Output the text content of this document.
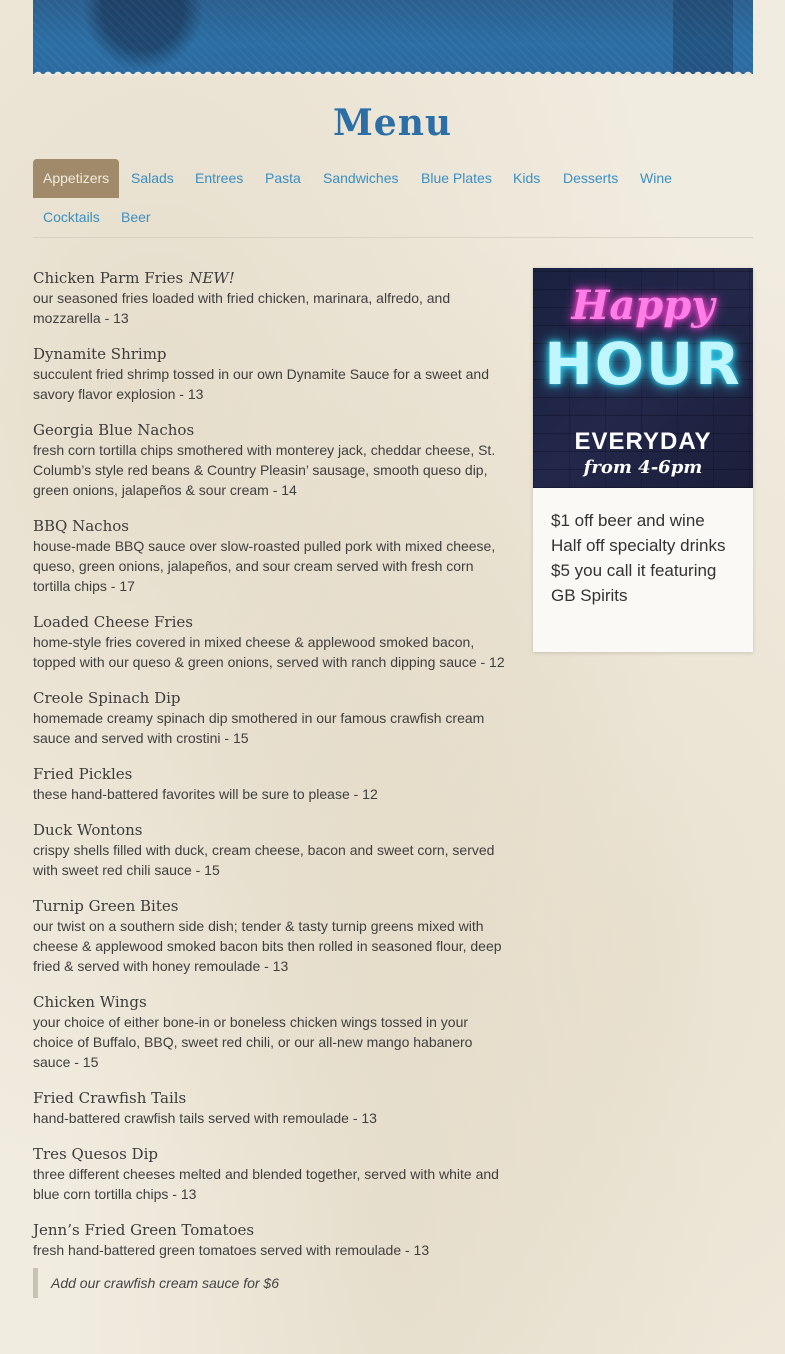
Menu
Appetizers	Salads	Entrees	Pasta	Sandwiches	Blue Plates	Kids	Desserts	Wine
Cocktails	Beer
Chicken Parm Fries NEW!
our seasoned fries loaded with fried chicken, marinara, alfredo, and mozzarella - 13
Dynamite Shrimp
succulent fried shrimp tossed in our own Dynamite Sauce for a sweet and savory flavor explosion - 13
Georgia Blue Nachos
fresh corn tortilla chips smothered with monterey jack, cheddar cheese, St. Columb’s style red beans & Country Pleasin’ sausage, smooth queso dip, green onions, jalapeños & sour cream - 14
BBQ Nachos
house-made BBQ sauce over slow-roasted pulled pork with mixed cheese, queso, green onions, jalapeños, and sour cream served with fresh corn tortilla chips - 17
Loaded Cheese Fries
home-style fries covered in mixed cheese & applewood smoked bacon, topped with our queso & green onions, served with ranch dipping sauce - 12
Creole Spinach Dip
homemade creamy spinach dip smothered in our famous crawfish cream sauce and served with crostini - 15
Fried Pickles
these hand-battered favorites will be sure to please - 12
Duck Wontons
crispy shells filled with duck, cream cheese, bacon and sweet corn, served with sweet red chili sauce - 15
Turnip Green Bites
our twist on a southern side dish; tender & tasty turnip greens mixed with cheese & applewood smoked bacon bits then rolled in seasoned flour, deep fried & served with honey remoulade - 13
Chicken Wings
your choice of either bone-in or boneless chicken wings tossed in your choice of Buffalo, BBQ, sweet red chili, or our all-new mango habanero sauce - 15
Fried Crawfish Tails
hand-battered crawfish tails served with remoulade - 13
Tres Quesos Dip
three different cheeses melted and blended together, served with white and blue corn tortilla chips - 13
Jenn’s Fried Green Tomatoes
fresh hand-battered green tomatoes served with remoulade - 13
Add our crawfish cream sauce for $6
Happy
HOUR
EVERYDAY
from 4-6pm
$1 off beer and wine
Half off specialty drinks
$5 you call it featuring GB Spirits
